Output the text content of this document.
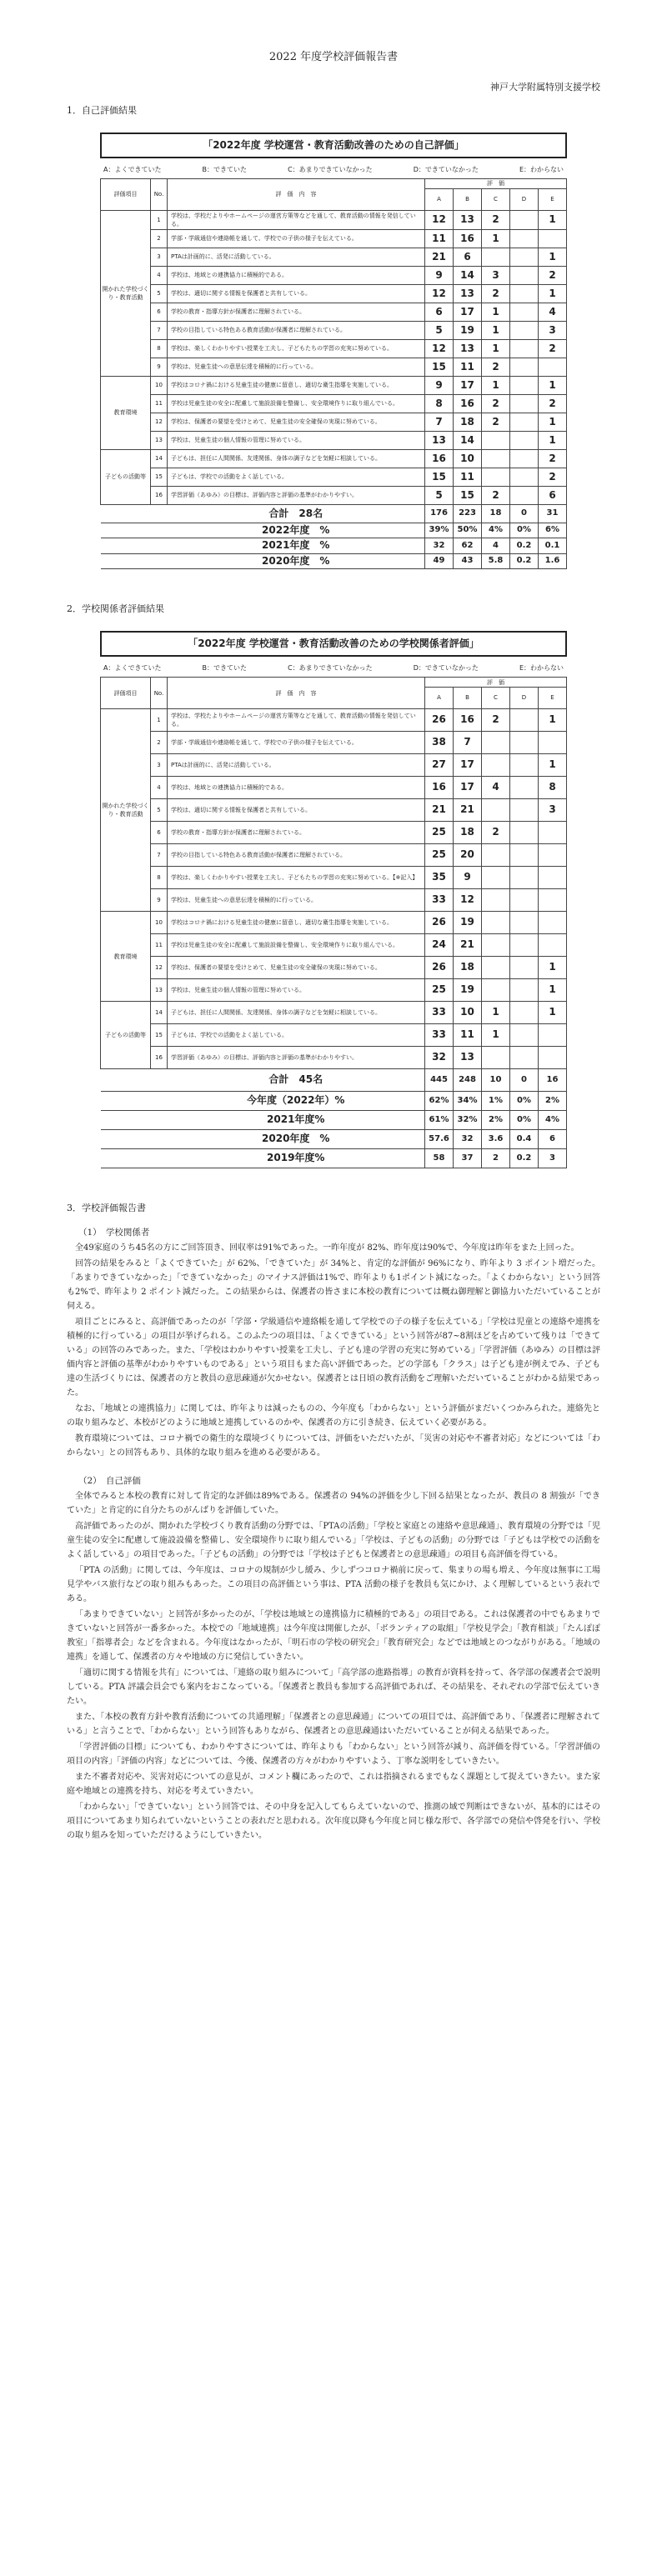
2022 年度学校評価報告書
神戸大学附属特別支援学校
1．自己評価結果
「2022年度 学校運営・教育活動改善のための自己評価」
A：よくできていた	B：できていた	C：あまりできていなかった	D：できていなかった	E：わからない
評価項目	No.	評　価　内　容	評　価				
			A	B	C	D	E
開かれた学校づくり・教育活動	1	学校は、学校だよりやホームページの運営方策等などを通して、教育活動の情報を発信している。	12	13	2		1
	2	学部・学級通信や連絡帳を通して、学校での子供の様子を伝えている。	11	16	1		
	3	PTAは計画的に、活発に活動している。	21	6			1
	4	学校は、地域との連携協力に積極的である。	9	14	3		2
	5	学校は、適切に関する情報を保護者と共有している。	12	13	2		1
	6	学校の教育・指導方針が保護者に理解されている。	6	17	1		4
	7	学校の目指している特色ある教育活動が保護者に理解されている。	5	19	1		3
	8	学校は、楽しくわかりやすい授業を工夫し、子どもたちの学習の充実に努めている。	12	13	1		2
	9	学校は、児童生徒への意思伝達を積極的に行っている。	15	11	2		
教育環境	10	学校はコロナ禍における児童生徒の健康に留意し、適切な衛生指導を実施している。	9	17	1		1
	11	学校は児童生徒の安全に配慮して施設設備を整備し、安全環境作りに取り組んでいる。	8	16	2		2
	12	学校は、保護者の要望を受けとめて、児童生徒の安全確保の実現に努めている。	7	18	2		1
	13	学校は、児童生徒の個人情報の管理に努めている。	13	14			1
子どもの活動等	14	子どもは、担任に人間関係、友達関係、身体の調子などを気軽に相談している。	16	10			2
	15	子どもは、学校での活動をよく話している。	15	11			2
	16	学習評価（あゆみ）の目標は、評価内容と評価の基準がわかりやすい。	5	15	2		6
合計　28名			176	223	18	0	31
2022年度　%			39%	50%	4%	0%	6%
2021年度　%			32	62	4	0.2	0.1
2020年度　%			49	43	5.8	0.2	1.6
2．学校関係者評価結果
「2022年度 学校運営・教育活動改善のための学校関係者評価」
A：よくできていた	B：できていた	C：あまりできていなかった	D：できていなかった	E：わからない
評価項目	No.	評　価　内　容	評　価				
			A	B	C	D	E
開かれた学校づくり・教育活動	1	学校は、学校たよりやホームページの運営方策等などを通して、教育活動の情報を発信している。	26	16	2		1
	2	学部・学級通信や連絡帳を通して、学校での子供の様子を伝えている。	38	7			
	3	PTAは計画的に、活発に活動している。	27	17			1
	4	学校は、地域との連携協力に積極的である。	16	17	4		8
	5	学校は、適切に関する情報を保護者と共有している。	21	21			3
	6	学校の教育・指導方針が保護者に理解されている。	25	18	2		
	7	学校の目指している特色ある教育活動が保護者に理解されている。	25	20			
	8	学校は、楽しくわかりやすい授業を工夫し、子どもたちの学習の充実に努めている。【※記入】	35	9			
	9	学校は、児童生徒への意思伝達を積極的に行っている。	33	12			
教育環境	10	学校はコロナ禍における児童生徒の健康に留意し、適切な衛生指導を実施している。	26	19			
	11	学校は児童生徒の安全に配慮して施設設備を整備し、安全環境作りに取り組んでいる。	24	21			
	12	学校は、保護者の要望を受けとめて、児童生徒の安全確保の実現に努めている。	26	18			1
	13	学校は、児童生徒の個人情報の管理に努めている。	25	19			1
子どもの活動等	14	子どもは、担任に人間関係、友達関係、身体の調子などを気軽に相談している。	33	10	1		1
	15	子どもは、学校での活動をよく話している。	33	11	1		
	16	学習評価（あゆみ）の目標は、評価内容と評価の基準がわかりやすい。	32	13			
合計　45名			445	248	10	0	16
今年度（2022年）%			62%	34%	1%	0%	2%
2021年度%			61%	32%	2%	0%	4%
2020年度　%			57.6	32	3.6	0.4	6
2019年度%			58	37	2	0.2	3
3．学校評価報告書
（1）　学校関係者

全49家庭のうち45名の方にご回答頂き、回収率は91%であった。一昨年度が 82%、昨年度は90%で、今年度は昨年をまた上回った。

回答の結果をみると「よくできていた」が 62%、「できていた」が 34%と、肯定的な評価が 96%になり、昨年より 3 ポイント増だった。「あまりできていなかった」「できていなかった」のマイナス評価は1%で、昨年よりも1ポイント減になった。「よくわからない」という回答も2%で、昨年より 2 ポイント減だった。この結果からは、保護者の皆さまに本校の教育については概ね御理解と御協力いただいていることが伺える。

項目ごとにみると、高評価であったのが「学部・学級通信や連絡帳を通して学校での子の様子を伝えている」「学校は児童との連絡や連携を積極的に行っている」の項目が挙げられる。このふたつの項目は、「よくできている」という回答が87~8割ほどを占めていて残りは「できている」の回答のみであった。また、「学校はわかりやすい授業を工夫し、子ども達の学習の充実に努めている」「学習評価（あゆみ）の目標は評価内容と評価の基準がわかりやすいものである」という項目もまた高い評価であった。どの学部も「クラス」は子ども達が例えでみ、子ども達の生活づくりには、保護者の方と教員の意思疎通が欠かせない。保護者とは日頃の教育活動をご理解いただいていることがわかる結果であった。

なお、「地域との連携協力」に関しては、昨年よりは減ったものの、今年度も「わからない」という評価がまだいくつかみられた。連絡先との取り組みなど、本校がどのように地域と連携しているのかや、保護者の方に引き続き、伝えていく必要がある。

教育環境については、コロナ禍での衛生的な環境づくりについては、評価をいただいたが、「災害の対応や不審者対応」などについては「わからない」との回答もあり、具体的な取り組みを進める必要がある。

（2）　自己評価

全体でみると本校の教育に対して肯定的な評価は89%である。保護者の 94%の評価を少し下回る結果となったが、教員の 8 割強が「できていた」と肯定的に自分たちのがんばりを評価していた。

高評価であったのが、開かれた学校づくり教育活動の分野では、「PTAの活動」「学校と家庭との連絡や意思疎通」、教育環境の分野では「児童生徒の安全に配慮して施設設備を整備し、安全環境作りに取り組んでいる」「学校は、子どもの活動」の分野では「子どもは学校での活動をよく話している」の項目であった。「子どもの活動」の分野では「学校は子どもと保護者との意思疎通」の項目も高評価を得ている。

「PTA の活動」に関しては、今年度は、コロナの規制が少し緩み、少しずつコロナ禍前に戻って、集まりの場も増え、今年度は無事に工場見学やバス旅行などの取り組みもあった。この項目の高評価という事は、PTA 活動の様子を教員も気にかけ、よく理解しているという表れである。

「あまりできていない」と回答が多かったのが、「学校は地域との連携協力に積極的である」の項目である。これは保護者の中でもあまりできていないと回答が一番多かった。本校での「地域連携」は今年度は開催したが、「ボランティアの取組」「学校見学会」「教育相談」「たんぽぽ教室」「指導者会」などを含まれる。今年度はなかったが、「明石市の学校の研究会」「教育研究会」などでは地域とのつながりがある。「地域の連携」を通して、保護者の方々や地域の方に発信していきたい。

「適切に関する情報を共有」については、「連絡の取り組みについて」「高学部の進路指導」の教育が資料を持って、各学部の保護者会で説明している。PTA 評議会員会でも案内をおこなっている。「保護者と教員も参加する高評価であれば、その結果を、それぞれの学部で伝えていきたい。

また、「本校の教育方針や教育活動についての共通理解」「保護者との意思疎通」についての項目では、高評価であり、「保護者に理解されている」と言うことで、「わからない」という回答もありながら、保護者との意思疎通はいただいていることが伺える結果であった。

「学習評価の目標」についても、わかりやすさについては、昨年よりも「わからない」という回答が減り、高評価を得ている。「学習評価の項目の内容」「評価の内容」などについては、今後、保護者の方々がわかりやすいよう、丁寧な説明をしていきたい。

また不審者対応や、災害対応についての意見が、コメント欄にあったので、これは指摘されるまでもなく課題として捉えていきたい。また家庭や地域との連携を持ち、対応を考えていきたい。

「わからない」「できていない」という回答では、その中身を記入してもらえていないので、推測の域で判断はできないが、基本的にはその項目についてあまり知られていないということの表れだと思われる。次年度以降も今年度と同じ様な形で、各学部での発信や啓発を行い、学校の取り組みを知っていただけるようにしていきたい。
